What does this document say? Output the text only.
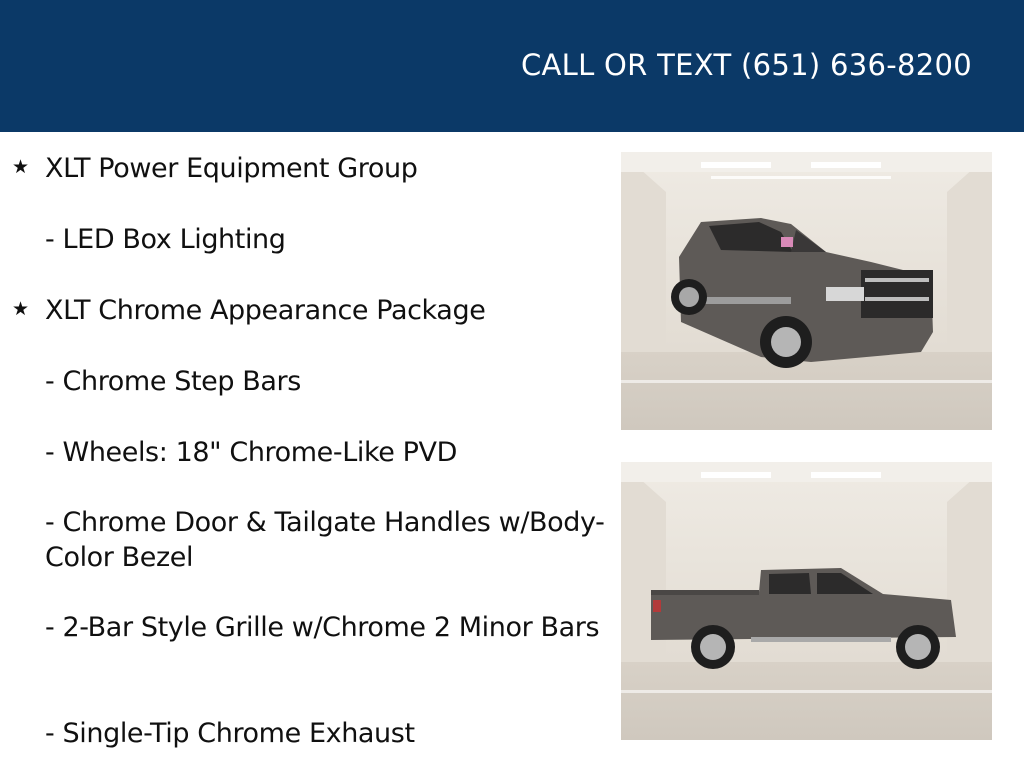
CALL OR TEXT (651) 636-8200
★ XLT Power Equipment Group
- LED Box Lighting
★ XLT Chrome Appearance Package
- Chrome Step Bars
- Wheels: 18" Chrome-Like PVD
- Chrome Door & Tailgate Handles w/Body-Color Bezel
- 2-Bar Style Grille w/Chrome 2 Minor Bars
- Single-Tip Chrome Exhaust
